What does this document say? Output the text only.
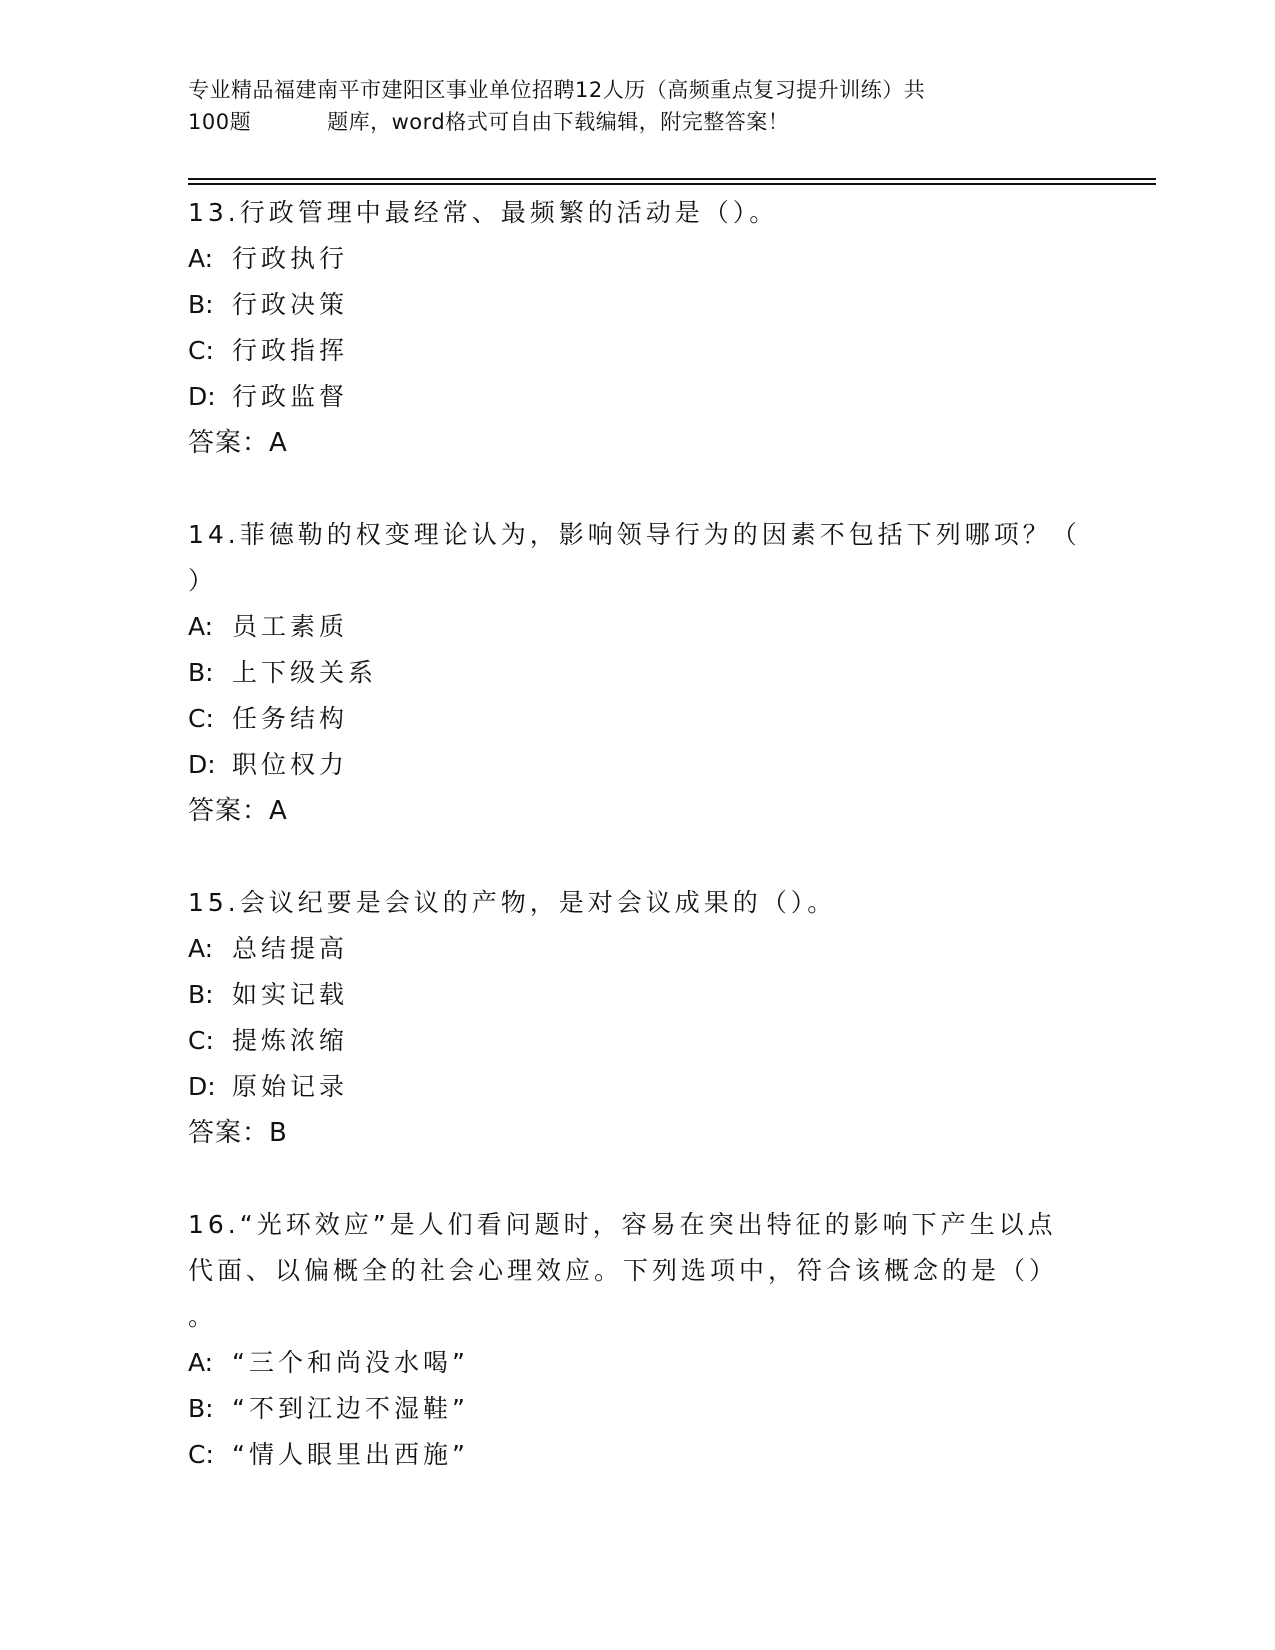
专业精品福建南平市建阳区事业单位招聘12人历（高频重点复习提升训练）共
100题	题库，word格式可自由下载编辑，附完整答案！

13.行政管理中最经常、最频繁的活动是（）。

A: 行政执行

B: 行政决策

C: 行政指挥

D: 行政监督

答案：A

14.菲德勒的权变理论认为，影响领导行为的因素不包括下列哪项？（

）

A: 员工素质

B: 上下级关系

C: 任务结构

D: 职位权力

答案：A

15.会议纪要是会议的产物，是对会议成果的（）。

A: 总结提高

B: 如实记载

C: 提炼浓缩

D: 原始记录

答案：B

16.“光环效应”是人们看问题时，容易在突出特征的影响下产生以点

代面、以偏概全的社会心理效应。下列选项中，符合该概念的是（）

。

A: “三个和尚没水喝”

B: “不到江边不湿鞋”

C: “情人眼里出西施”
